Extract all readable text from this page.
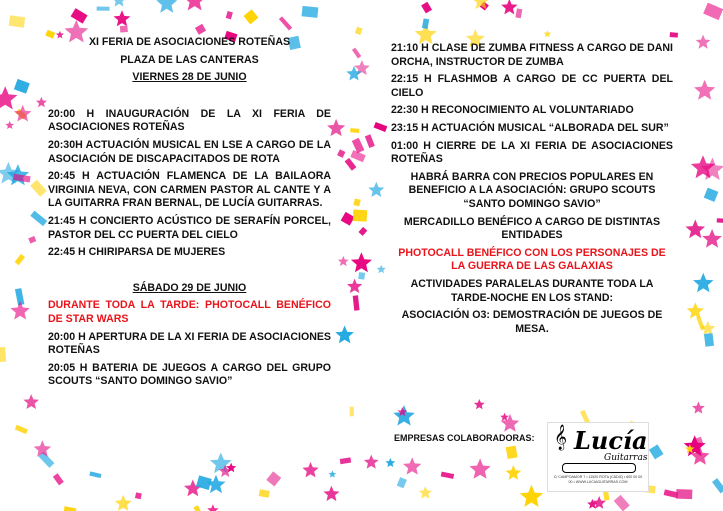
XI FERIA DE ASOCIACIONES ROTEÑAS
PLAZA DE LAS CANTERAS
VIERNES 28 DE JUNIO
20:00 H INAUGURACIÓN DE LA XI FERIA DE ASOCIACIONES ROTEÑAS
20:30H ACTUACIÓN MUSICAL EN LSE A CARGO DE LA ASOCIACIÓN DE DISCAPACITADOS DE ROTA
20:45 H ACTUACIÓN FLAMENCA DE LA BAILAORA VIRGINIA NEVA, CON CARMEN PASTOR AL CANTE Y A LA GUITARRA FRAN BERNAL, DE LUCÍA GUITARRAS.
21:45 H CONCIERTO ACÚSTICO DE SERAFÍN PORCEL, PASTOR DEL CC PUERTA DEL CIELO
22:45 H CHIRIPARSA DE MUJERES
SÁBADO 29 DE JUNIO
DURANTE TODA LA TARDE: PHOTOCALL BENÉFICO DE STAR WARS
20:00 H APERTURA DE LA XI FERIA DE ASOCIACIONES ROTEÑAS
20:05 H BATERIA DE JUEGOS A CARGO DEL GRUPO SCOUTS “SANTO DOMINGO SAVIO”
21:10 H CLASE DE ZUMBA FITNESS A CARGO DE DANI ORCHA, INSTRUCTOR DE ZUMBA
22:15 H FLASHMOB A CARGO DE CC PUERTA DEL CIELO
22:30 H RECONOCIMIENTO AL VOLUNTARIADO
23:15 H ACTUACIÓN MUSICAL “ALBORADA DEL SUR”
01:00 H CIERRE DE LA XI FERIA DE ASOCIACIONES ROTEÑAS
HABRÁ BARRA CON PRECIOS POPULARES EN BENEFICIO A LA ASOCIACIÓN: GRUPO SCOUTS “SANTO DOMINGO SAVIO”
MERCADILLO BENÉFICO A CARGO DE DISTINTAS ENTIDADES
PHOTOCALL BENÉFICO CON LOS PERSONAJES DE LA GUERRA DE LAS GALAXIAS
ACTIVIDADES PARALELAS DURANTE TODA LA TARDE-NOCHE EN LOS STAND:
ASOCIACIÓN O3: DEMOSTRACIÓN DE JUEGOS DE MESA.
EMPRESAS COLABORADORAS: 𝄞 Lucía
Guitarras
C/ CAMPOAMOR 7 • 11520 ROTA (CÁDIZ) • 600 00 00 00 • WWW.LUCIAGUITARRAS.COM
